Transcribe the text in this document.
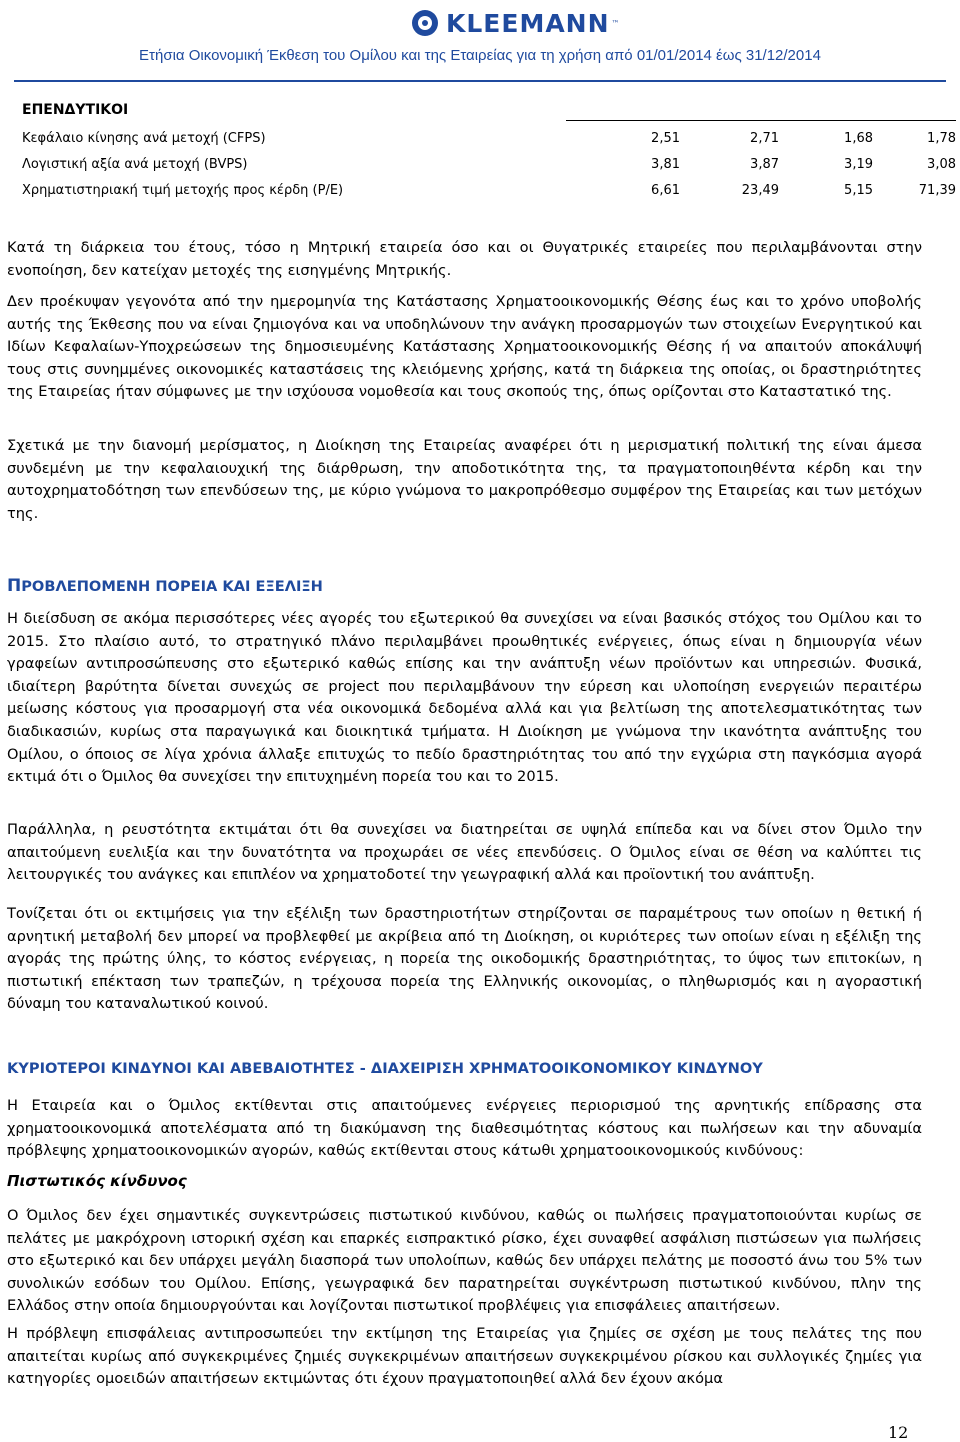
KLEEMANN ™
Ετήσια Οικονομική Έκθεση του Ομίλου και της Εταιρείας για τη χρήση από 01/01/2014 έως 31/12/2014
ΕΠΕΝΔΥΤΙΚΟΙ
Κεφάλαιο κίνησης ανά μετοχή (CFPS)	2,51	2,71	1,68	1,78
Λογιστική αξία ανά μετοχή (BVPS)	3,81	3,87	3,19	3,08
Χρηματιστηριακή τιμή μετοχής προς κέρδη (P/E)	6,61	23,49	5,15	71,39

Κατά τη διάρκεια του έτους, τόσο η Μητρική εταιρεία όσο και οι Θυγατρικές εταιρείες που περιλαμβάνονται στην ενοποίηση, δεν κατείχαν μετοχές της εισηγμένης Μητρικής.

Δεν προέκυψαν γεγονότα από την ημερομηνία της Κατάστασης Χρηματοοικονομικής Θέσης έως και το χρόνο υποβολής αυτής της Έκθεσης που να είναι ζημιογόνα και να υποδηλώνουν την ανάγκη προσαρμογών των στοιχείων Ενεργητικού και Ιδίων Κεφαλαίων-Υποχρεώσεων της δημοσιευμένης Κατάστασης Χρηματοοικονομικής Θέσης ή να απαιτούν αποκάλυψή τους στις συνημμένες οικονομικές καταστάσεις της κλειόμενης χρήσης, κατά τη διάρκεια της οποίας, οι δραστηριότητες της Εταιρείας ήταν σύμφωνες με την ισχύουσα νομοθεσία και τους σκοπούς της, όπως ορίζονται στο Καταστατικό της.

Σχετικά με την διανομή μερίσματος, η Διοίκηση της Εταιρείας αναφέρει ότι η μερισματική πολιτική της είναι άμεσα συνδεμένη με την κεφαλαιουχική της διάρθρωση, την αποδοτικότητα της, τα πραγματοποιηθέντα κέρδη και την αυτοχρηματοδότηση των επενδύσεων της, με κύριο γνώμονα το μακροπρόθεσμο συμφέρον της Εταιρείας και των μετόχων της.

ΠΡΟΒΛΕΠΟΜΕΝΗ ΠΟΡΕΙΑ ΚΑΙ ΕΞΕΛΙΞΗ

Η διείσδυση σε ακόμα περισσότερες νέες αγορές του εξωτερικού θα συνεχίσει να είναι βασικός στόχος του Ομίλου και το 2015. Στο πλαίσιο αυτό, το στρατηγικό πλάνο περιλαμβάνει προωθητικές ενέργειες, όπως είναι η δημιουργία νέων γραφείων αντιπροσώπευσης στο εξωτερικό καθώς επίσης και την ανάπτυξη νέων προϊόντων και υπηρεσιών. Φυσικά, ιδιαίτερη βαρύτητα δίνεται συνεχώς σε project που περιλαμβάνουν την εύρεση και υλοποίηση ενεργειών περαιτέρω μείωσης κόστους για προσαρμογή στα νέα οικονομικά δεδομένα αλλά και για βελτίωση της αποτελεσματικότητας των διαδικασιών, κυρίως στα παραγωγικά και διοικητικά τμήματα. Η Διοίκηση με γνώμονα την ικανότητα ανάπτυξης του Ομίλου, ο όποιος σε λίγα χρόνια άλλαξε επιτυχώς το πεδίο δραστηριότητας του από την εγχώρια στη παγκόσμια αγορά εκτιμά ότι ο Όμιλος θα συνεχίσει την επιτυχημένη πορεία του και το 2015.

Παράλληλα, η ρευστότητα εκτιμάται ότι θα συνεχίσει να διατηρείται σε υψηλά επίπεδα και να δίνει στον Όμιλο την απαιτούμενη ευελιξία και την δυνατότητα να προχωράει σε νέες επενδύσεις. Ο Όμιλος είναι σε θέση να καλύπτει τις λειτουργικές του ανάγκες και επιπλέον να χρηματοδοτεί την γεωγραφική αλλά και προϊοντική του ανάπτυξη.

Τονίζεται ότι οι εκτιμήσεις για την εξέλιξη των δραστηριοτήτων στηρίζονται σε παραμέτρους των οποίων η θετική ή αρνητική μεταβολή δεν μπορεί να προβλεφθεί με ακρίβεια από τη Διοίκηση, οι κυριότερες των οποίων είναι η εξέλιξη της αγοράς της πρώτης ύλης, το κόστος ενέργειας, η πορεία της οικοδομικής δραστηριότητας, το ύψος των επιτοκίων, η πιστωτική επέκταση των τραπεζών, η τρέχουσα πορεία της Ελληνικής οικονομίας, ο πληθωρισμός και η αγοραστική δύναμη του καταναλωτικού κοινού.

ΚΥΡΙΟΤΕΡΟΙ ΚΙΝΔΥΝΟΙ ΚΑΙ ΑΒΕΒΑΙΟΤΗΤΕΣ - ΔΙΑΧΕΙΡΙΣΗ ΧΡΗΜΑΤΟΟΙΚΟΝΟΜΙΚΟΥ ΚΙΝΔΥΝΟΥ

Η Εταιρεία και ο Όμιλος εκτίθενται στις απαιτούμενες ενέργειες περιορισμού της αρνητικής επίδρασης στα χρηματοοικονομικά αποτελέσματα από τη διακύμανση της διαθεσιμότητας κόστους και πωλήσεων και την αδυναμία πρόβλεψης χρηματοοικονομικών αγορών, καθώς εκτίθενται στους κάτωθι χρηματοοικονομικούς κινδύνους:

Πιστωτικός κίνδυνος

Ο Όμιλος δεν έχει σημαντικές συγκεντρώσεις πιστωτικού κινδύνου, καθώς οι πωλήσεις πραγματοποιούνται κυρίως σε πελάτες με μακρόχρονη ιστορική σχέση και επαρκές εισπρακτικό ρίσκο, έχει συναφθεί ασφάλιση πιστώσεων για πωλήσεις στο εξωτερικό και δεν υπάρχει μεγάλη διασπορά των υπολοίπων, καθώς δεν υπάρχει πελάτης με ποσοστό άνω του 5% των συνολικών εσόδων του Ομίλου. Επίσης, γεωγραφικά δεν παρατηρείται συγκέντρωση πιστωτικού κινδύνου, πλην της Ελλάδος στην οποία δημιουργούνται και λογίζονται πιστωτικοί προβλέψεις για επισφάλειες απαιτήσεων.

Η πρόβλεψη επισφάλειας αντιπροσωπεύει την εκτίμηση της Εταιρείας για ζημίες σε σχέση με τους πελάτες της που απαιτείται κυρίως από συγκεκριμένες ζημιές συγκεκριμένων απαιτήσεων συγκεκριμένου ρίσκου και συλλογικές ζημίες για κατηγορίες ομοειδών απαιτήσεων εκτιμώντας ότι έχουν πραγματοποιηθεί αλλά δεν έχουν ακόμα

12
